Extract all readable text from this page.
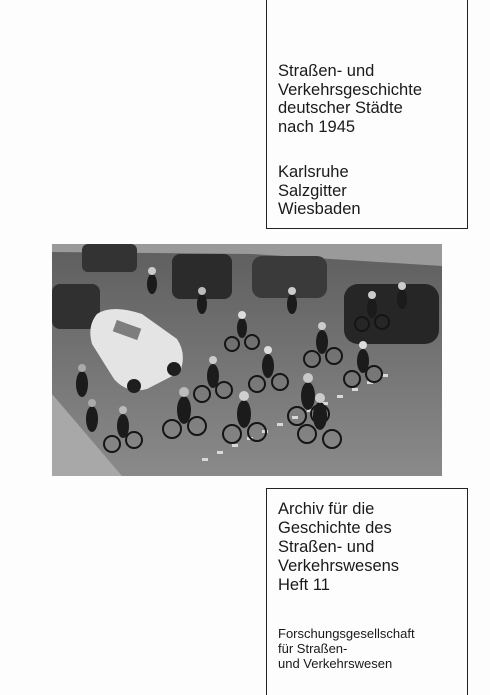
Straßen- und
Verkehrsgeschichte
deutscher Städte
nach 1945
Karlsruhe
Salzgitter
Wiesbaden
Archiv für die
Geschichte des
Straßen- und
Verkehrswesens
Heft 11
Forschungsgesellschaft
für Straßen-
und Verkehrswesen
